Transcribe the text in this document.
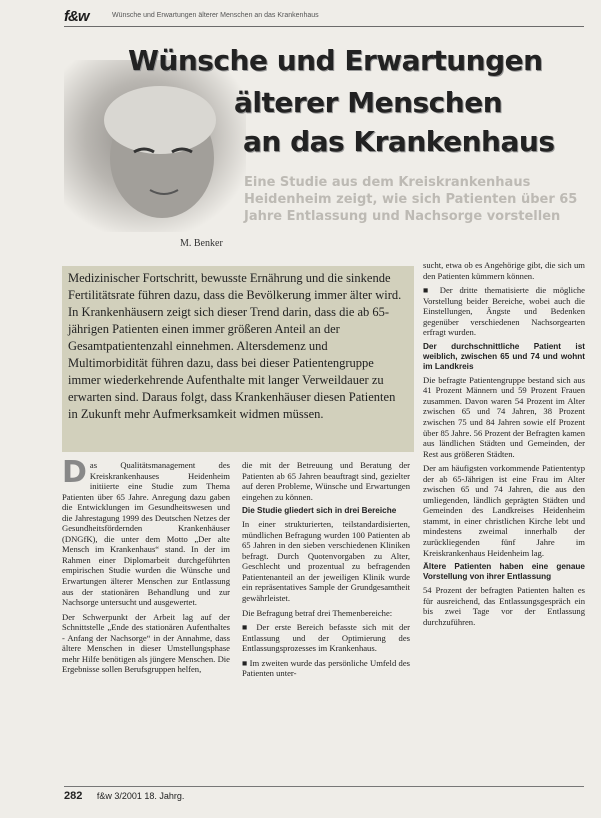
f&w	Wünsche und Erwartungen älterer Menschen an das Krankenhaus
Wünsche und Erwartungen
älterer Menschen
an das Krankenhaus
Eine Studie aus dem Kreiskrankenhaus Heidenheim zeigt, wie sich Patienten über 65 Jahre Entlassung und Nachsorge vorstellen
M. Benker
Medizinischer Fortschritt, bewusste Ernährung und die sinkende Fertilitätsrate führen dazu, dass die Bevölkerung immer älter wird. In Krankenhäusern zeigt sich dieser Trend darin, dass die ab 65-jährigen Patienten einen immer größeren Anteil an der Gesamtpatientenzahl einnehmen. Altersdemenz und Multimorbidität führen dazu, dass bei dieser Patientengruppe immer wiederkehrende Aufenthalte mit langer Verweildauer zu erwarten sind. Daraus folgt, dass Krankenhäuser diesen Patienten in Zukunft mehr Aufmerksamkeit widmen müssen.

Das Qualitätsmanagement des Kreiskrankenhauses Heidenheim initiierte eine Studie zum Thema Patienten über 65 Jahre. Anregung dazu gaben die Entwicklungen im Gesundheitswesen und die Jahrestagung 1999 des Deutschen Netzes der Gesundheitsfördernden Krankenhäuser (DNGfK), die unter dem Motto „Der alte Mensch im Krankenhaus“ stand. In der im Rahmen einer Diplomarbeit durchgeführten empirischen Studie wurden die Wünsche und Erwartungen älterer Menschen zur Entlassung aus der stationären Behandlung und zur Nachsorge untersucht und ausgewertet.

Der Schwerpunkt der Arbeit lag auf der Schnittstelle „Ende des stationären Aufenthaltes - Anfang der Nachsorge“ in der Annahme, dass ältere Menschen in dieser Umstellungsphase mehr Hilfe benötigen als jüngere Menschen. Die Ergebnisse sollen Berufsgruppen helfen,

die mit der Betreuung und Beratung der Patienten ab 65 Jahren beauftragt sind, gezielter auf deren Probleme, Wünsche und Erwartungen eingehen zu können.

Die Studie gliedert sich in drei Bereiche

In einer strukturierten, teilstandardisierten, mündlichen Befragung wurden 100 Patienten ab 65 Jahren in den sieben verschiedenen Kliniken befragt. Durch Quotenvorgaben zu Alter, Geschlecht und prozentual zu befragenden Patientenanteil an der jeweiligen Klinik wurde ein repräsentatives Sample der Grundgesamtheit gewährleistet.

Die Befragung betraf drei Themenbereiche:

■ Der erste Bereich befasste sich mit der Entlassung und der Optimierung des Entlassungsprozesses im Krankenhaus.

■ Im zweiten wurde das persönliche Umfeld des Patienten unter-

sucht, etwa ob es Angehörige gibt, die sich um den Patienten kümmern können.

■ Der dritte thematisierte die mögliche Vorstellung beider Bereiche, wobei auch die Einstellungen, Ängste und Bedenken gegenüber verschiedenen Nachsorgearten erfragt wurden.

Der durchschnittliche Patient ist weiblich, zwischen 65 und 74 und wohnt im Landkreis

Die befragte Patientengruppe bestand sich aus 41 Prozent Männern und 59 Prozent Frauen zusammen. Davon waren 54 Prozent im Alter zwischen 65 und 74 Jahren, 38 Prozent zwischen 75 und 84 Jahren sowie elf Prozent über 85 Jahre. 56 Prozent der Befragten kamen aus ländlichen Städten und Gemeinden, der Rest aus größeren Städten.

Der am häufigsten vorkommende Patiententyp der ab 65-Jährigen ist eine Frau im Alter zwischen 65 und 74 Jahren, die aus den umliegenden, ländlich geprägten Städten und Gemeinden des Landkreises Heidenheim stammt, in einer christlichen Kirche lebt und mindestens zweimal innerhalb der zurückliegenden fünf Jahre im Kreiskrankenhaus Heidenheim lag.

Ältere Patienten haben eine genaue Vorstellung von ihrer Entlassung

54 Prozent der befragten Patienten halten es für ausreichend, das Entlassungsgespräch ein bis zwei Tage vor der Entlassung durchzuführen.

282 f&w 3/2001 18. Jahrg.
